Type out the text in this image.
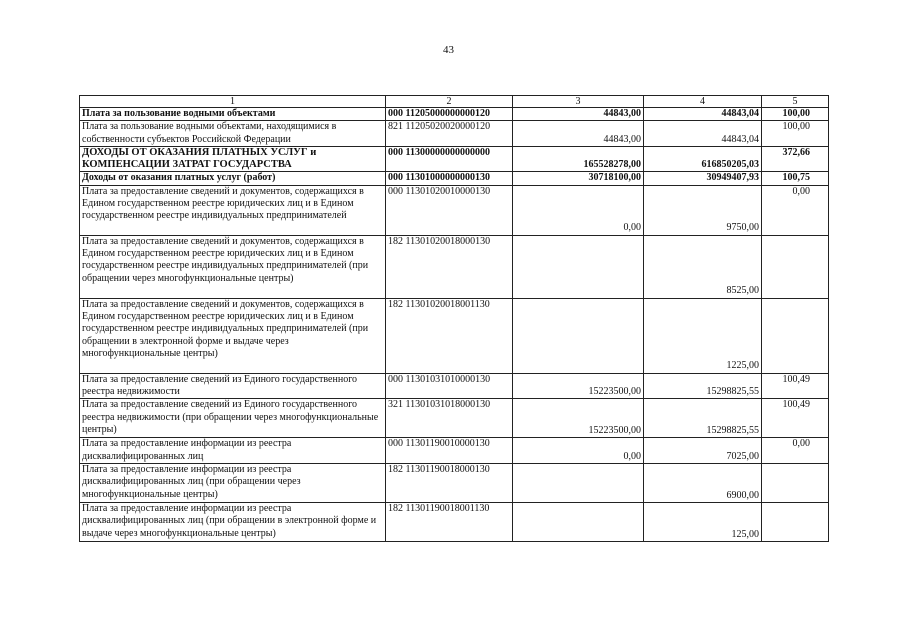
43
1	2	3	4	5
Плата за пользование водными объектами	000 11205000000000120	44843,00	44843,04	100,00
Плата за пользование водными объектами, находящимися в собственности субъектов Российской Федерации	821 11205020020000120	44843,00	44843,04	100,00
ДОХОДЫ ОТ ОКАЗАНИЯ ПЛАТНЫХ УСЛУГ и КОМПЕНСАЦИИ ЗАТРАТ ГОСУДАРСТВА	000 11300000000000000	165528278,00	616850205,03	372,66
Доходы от оказания платных услуг (работ)	000 11301000000000130	30718100,00	30949407,93	100,75
Плата за предоставление сведений и документов, содержащихся в Едином государственном реестре юридических лиц и в Едином государственном реестре индивидуальных предпринимателей	000 11301020010000130	0,00	9750,00	0,00
Плата за предоставление сведений и документов, содержащихся в Едином государственном реестре юридических лиц и в Едином государственном реестре индивидуальных предпринимателей (при обращении через многофункциональные центры)	182 11301020018000130		8525,00	
Плата за предоставление сведений и документов, содержащихся в Едином государственном реестре юридических лиц и в Едином государственном реестре индивидуальных предпринимателей (при обращении в электронной форме и выдаче через многофункциональные центры)	182 11301020018001130		1225,00	
Плата за предоставление сведений из Единого государственного реестра недвижимости	000 11301031010000130	15223500,00	15298825,55	100,49
Плата за предоставление сведений из Единого государственного реестра недвижимости (при обращении через многофункциональные центры)	321 11301031018000130	15223500,00	15298825,55	100,49
Плата за предоставление информации из реестра дисквалифицированных лиц	000 11301190010000130	0,00	7025,00	0,00
Плата за предоставление информации из реестра дисквалифицированных лиц (при обращении через многофункциональные центры)	182 11301190018000130		6900,00	
Плата за предоставление информации из реестра дисквалифицированных лиц (при обращении в электронной форме и выдаче через многофункциональные центры)	182 11301190018001130		125,00	
